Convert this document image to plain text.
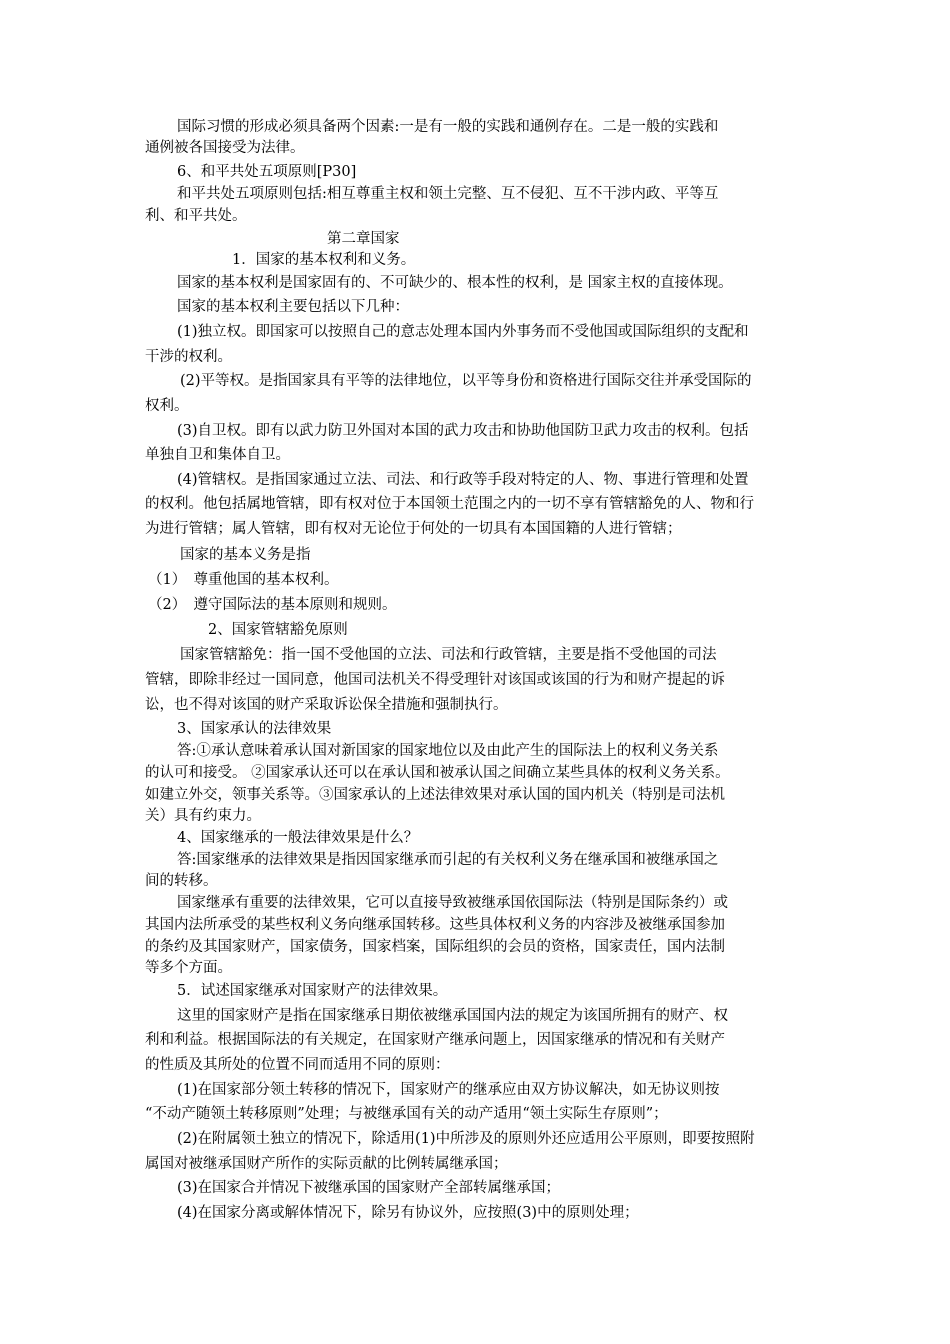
国际习惯的形成必须具备两个因素:一是有一般的实践和通例存在。二是一般的实践和
通例被各国接受为法律。
6、和平共处五项原则[P30]
和平共处五项原则包括:相互尊重主权和领土完整、互不侵犯、互不干涉内政、平等互
利、和平共处。
第二章国家
1．国家的基本权利和义务。
国家的基本权利是国家固有的、不可缺少的、根本性的权利，是 国家主权的直接体现。
国家的基本权利主要包括以下几种：
(1)独立权。即国家可以按照自己的意志处理本国内外事务而不受他国或国际组织的支配和
干涉的权利。
(2)平等权。是指国家具有平等的法律地位，以平等身份和资格进行国际交往并承受国际的
权利。
(3)自卫权。即有以武力防卫外国对本国的武力攻击和协助他国防卫武力攻击的权利。包括
单独自卫和集体自卫。
(4)管辖权。是指国家通过立法、司法、和行政等手段对特定的人、物、事进行管理和处置
的权利。他包括属地管辖，即有权对位于本国领土范围之内的一切不享有管辖豁免的人、物和行
为进行管辖；属人管辖，即有权对无论位于何处的一切具有本国国籍的人进行管辖；
国家的基本义务是指
（1）　尊重他国的基本权利。
（2）　遵守国际法的基本原则和规则。
2、国家管辖豁免原则
国家管辖豁免：指一国不受他国的立法、司法和行政管辖，主要是指不受他国的司法
管辖，即除非经过一国同意，他国司法机关不得受理针对该国或该国的行为和财产提起的诉
讼，也不得对该国的财产采取诉讼保全措施和强制执行。
3、国家承认的法律效果
答:①承认意味着承认国对新国家的国家地位以及由此产生的国际法上的权利义务关系
的认可和接受。 ②国家承认还可以在承认国和被承认国之间确立某些具体的权利义务关系。
如建立外交，领事关系等。③国家承认的上述法律效果对承认国的国内机关（特别是司法机
关）具有约束力。
4、国家继承的一般法律效果是什么？
答:国家继承的法律效果是指因国家继承而引起的有关权利义务在继承国和被继承国之
间的转移。
国家继承有重要的法律效果，它可以直接导致被继承国依国际法（特别是国际条约）或
其国内法所承受的某些权利义务向继承国转移。这些具体权利义务的内容涉及被继承国参加
的条约及其国家财产，国家债务，国家档案，国际组织的会员的资格，国家责任，国内法制
等多个方面。
5．试述国家继承对国家财产的法律效果。
这里的国家财产是指在国家继承日期依被继承国国内法的规定为该国所拥有的财产、权
利和利益。根据国际法的有关规定，在国家财产继承问题上，因国家继承的情况和有关财产
的性质及其所处的位置不同而适用不同的原则：
(1)在国家部分领土转移的情况下，国家财产的继承应由双方协议解决，如无协议则按
“不动产随领土转移原则”处理；与被继承国有关的动产适用“领土实际生存原则”；
(2)在附属领土独立的情况下，除适用(1)中所涉及的原则外还应适用公平原则，即要按照附
属国对被继承国财产所作的实际贡献的比例转属继承国；
(3)在国家合并情况下被继承国的国家财产全部转属继承国；
(4)在国家分离或解体情况下，除另有协议外，应按照(3)中的原则处理；
